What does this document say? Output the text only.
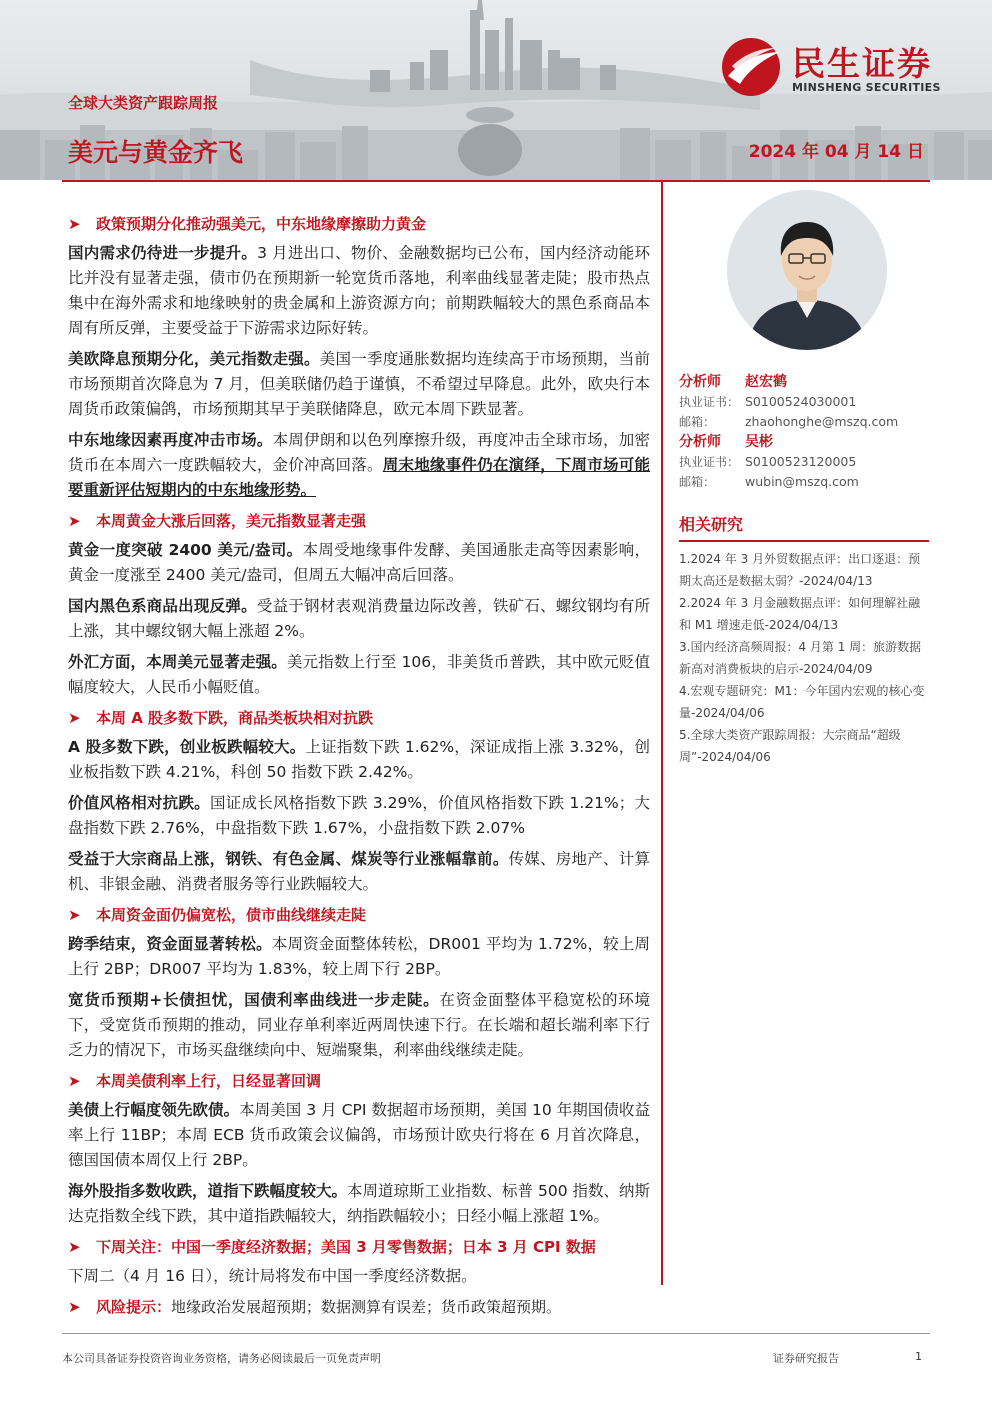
民生证券
MINSHENG SECURITIES
全球大类资产跟踪周报
美元与黄金齐飞	2024 年 04 月 14 日
➤ 政策预期分化推动强美元，中东地缘摩擦助力黄金

国内需求仍待进一步提升。3 月进出口、物价、金融数据均已公布，国内经济动能环比并没有显著走强，债市仍在预期新一轮宽货币落地，利率曲线显著走陡；股市热点集中在海外需求和地缘映射的贵金属和上游资源方向；前期跌幅较大的黑色系商品本周有所反弹，主要受益于下游需求边际好转。

美欧降息预期分化，美元指数走强。美国一季度通胀数据均连续高于市场预期，当前市场预期首次降息为 7 月，但美联储仍趋于谨慎，不希望过早降息。此外，欧央行本周货币政策偏鸽，市场预期其早于美联储降息，欧元本周下跌显著。

中东地缘因素再度冲击市场。本周伊朗和以色列摩擦升级，再度冲击全球市场，加密货币在本周六一度跌幅较大，金价冲高回落。周末地缘事件仍在演绎，下周市场可能要重新评估短期内的中东地缘形势。

➤ 本周黄金大涨后回落，美元指数显著走强

黄金一度突破 2400 美元/盎司。本周受地缘事件发酵、美国通胀走高等因素影响，黄金一度涨至 2400 美元/盎司，但周五大幅冲高后回落。

国内黑色系商品出现反弹。受益于钢材表观消费量边际改善，铁矿石、螺纹钢均有所上涨，其中螺纹钢大幅上涨超 2%。

外汇方面，本周美元显著走强。美元指数上行至 106，非美货币普跌，其中欧元贬值幅度较大，人民币小幅贬值。

➤ 本周 A 股多数下跌，商品类板块相对抗跌

A 股多数下跌，创业板跌幅较大。上证指数下跌 1.62%，深证成指上涨 3.32%，创业板指数下跌 4.21%，科创 50 指数下跌 2.42%。

价值风格相对抗跌。国证成长风格指数下跌 3.29%，价值风格指数下跌 1.21%；大盘指数下跌 2.76%，中盘指数下跌 1.67%，小盘指数下跌 2.07%

受益于大宗商品上涨，钢铁、有色金属、煤炭等行业涨幅靠前。传媒、房地产、计算机、非银金融、消费者服务等行业跌幅较大。

➤ 本周资金面仍偏宽松，债市曲线继续走陡

跨季结束，资金面显著转松。本周资金面整体转松，DR001 平均为 1.72%，较上周上行 2BP；DR007 平均为 1.83%，较上周下行 2BP。

宽货币预期+长债担忧，国债利率曲线进一步走陡。在资金面整体平稳宽松的环境下，受宽货币预期的推动，同业存单利率近两周快速下行。在长端和超长端利率下行乏力的情况下，市场买盘继续向中、短端聚集，利率曲线继续走陡。

➤ 本周美债利率上行，日经显著回调

美债上行幅度领先欧债。本周美国 3 月 CPI 数据超市场预期，美国 10 年期国债收益率上行 11BP；本周 ECB 货币政策会议偏鸽，市场预计欧央行将在 6 月首次降息，德国国债本周仅上行 2BP。

海外股指多数收跌，道指下跌幅度较大。本周道琼斯工业指数、标普 500 指数、纳斯达克指数全线下跌，其中道指跌幅较大，纳指跌幅较小；日经小幅上涨超 1%。

➤ 下周关注：中国一季度经济数据；美国 3 月零售数据；日本 3 月 CPI 数据

下周二（4 月 16 日），统计局将发布中国一季度经济数据。

➤ 风险提示：地缘政治发展超预期；数据测算有误差；货币政策超预期。
分析师	赵宏鹤
执业证书： S0100524030001
邮箱：	zhaohonghe@mszq.com
分析师	吴彬
执业证书： S0100523120005
邮箱：	wubin@mszq.com
相关研究
1.2024 年 3 月外贸数据点评：出口逐退：预期太高还是数据太弱？-2024/04/13
2.2024 年 3 月金融数据点评：如何理解社融和 M1 增速走低-2024/04/13
3.国内经济高频周报：4 月第 1 周：旅游数据新高对消费板块的启示-2024/04/09
4.宏观专题研究：M1：今年国内宏观的核心变量-2024/04/06
5.全球大类资产跟踪周报：大宗商品“超级周”-2024/04/06
本公司具备证券投资咨询业务资格，请务必阅读最后一页免责声明	证券研究报告	1
